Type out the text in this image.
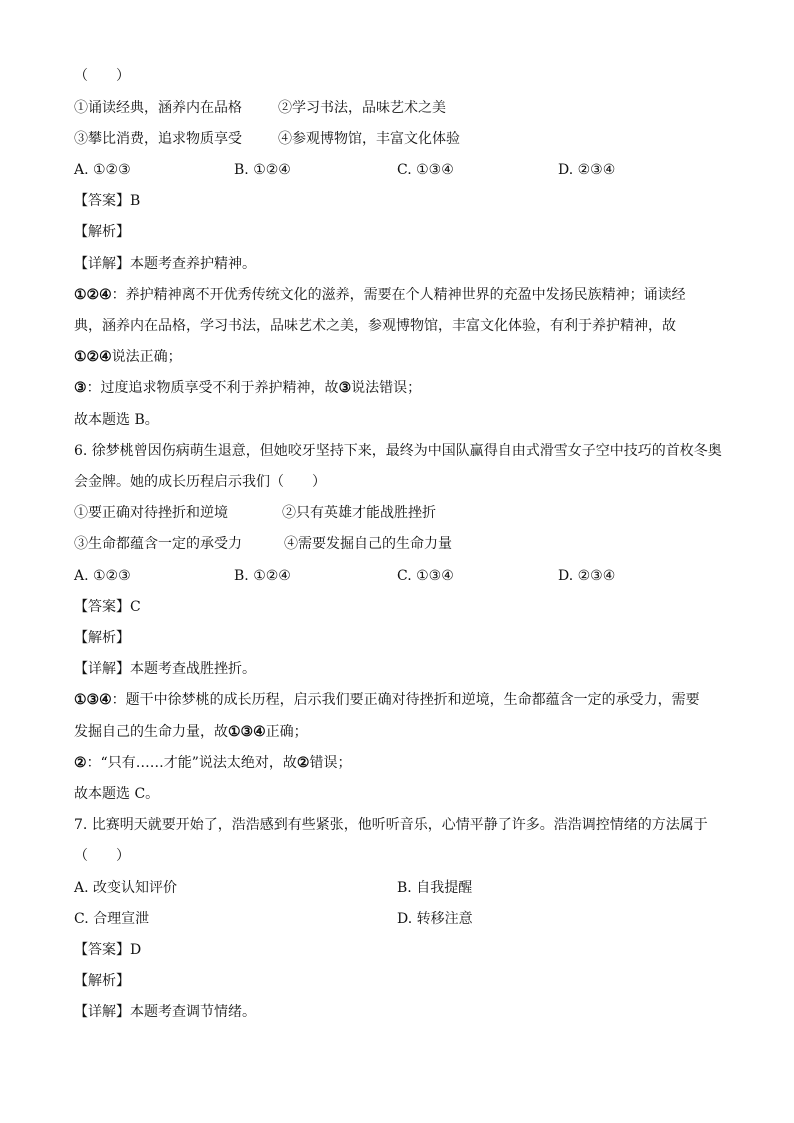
（　　）
①诵读经典，涵养内在品格	②学习书法，品味艺术之美
③攀比消费，追求物质享受	④参观博物馆，丰富文化体验
A. ①②③	B. ①②④	C. ①③④	D. ②③④
【答案】B
【解析】
【详解】本题考查养护精神。
①②④：养护精神离不开优秀传统文化的滋养，需要在个人精神世界的充盈中发扬民族精神；诵读经
典，涵养内在品格，学习书法，品味艺术之美，参观博物馆，丰富文化体验，有利于养护精神，故
①②④说法正确；
③：过度追求物质享受不利于养护精神，故③说法错误；
故本题选 B。
6. 徐梦桃曾因伤病萌生退意，但她咬牙坚持下来，最终为中国队赢得自由式滑雪女子空中技巧的首枚冬奥
会金牌。她的成长历程启示我们（　　）
①要正确对待挫折和逆境	②只有英雄才能战胜挫折
③生命都蕴含一定的承受力	④需要发掘自己的生命力量
A. ①②③	B. ①②④	C. ①③④	D. ②③④
【答案】C
【解析】
【详解】本题考查战胜挫折。
①③④：题干中徐梦桃的成长历程，启示我们要正确对待挫折和逆境，生命都蕴含一定的承受力，需要
发掘自己的生命力量，故①③④正确；
②：“只有……才能”说法太绝对，故②错误；
故本题选 C。
7. 比赛明天就要开始了，浩浩感到有些紧张，他听听音乐，心情平静了许多。浩浩调控情绪的方法属于
（　　）
A. 改变认知评价	B. 自我提醒
C. 合理宣泄	D. 转移注意
【答案】D
【解析】
【详解】本题考查调节情绪。
